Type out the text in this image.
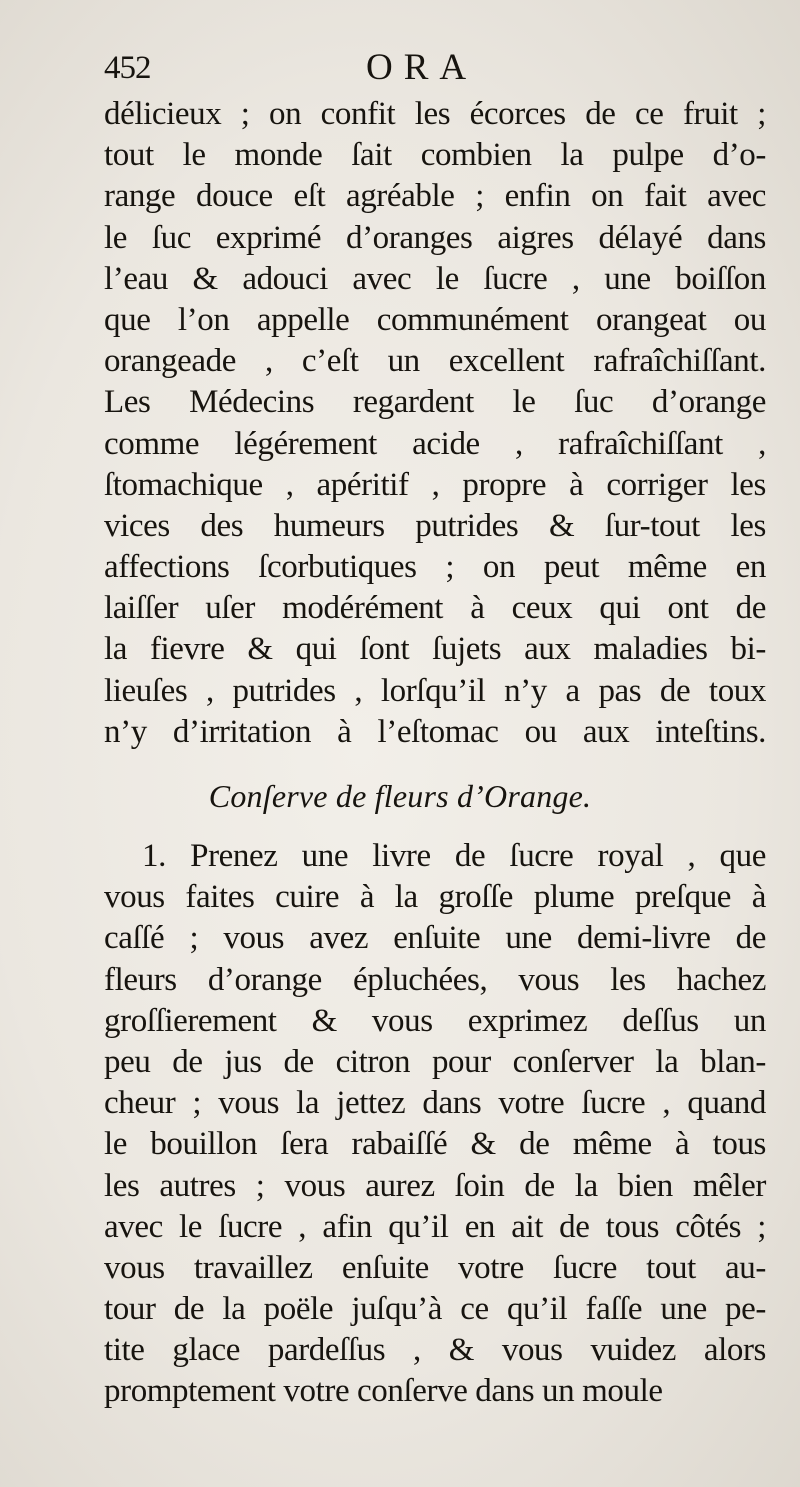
452	ORA
délicieux ; on confit les écorces de ce fruit ;
tout le monde ſait combien la pulpe d’o-
range douce eſt agréable ; enfin on fait avec
le ſuc exprimé d’oranges aigres délayé dans
l’eau & adouci avec le ſucre , une boiſſon
que l’on appelle communément orangeat ou
orangeade , c’eſt un excellent rafraîchiſſant.
Les Médecins regardent le ſuc d’orange
comme légérement acide , rafraîchiſſant ,
ſtomachique , apéritif , propre à corriger les
vices des humeurs putrides & ſur-tout les
affections ſcorbutiques ; on peut même en
laiſſer uſer modérément à ceux qui ont de
la fievre & qui ſont ſujets aux maladies bi-
lieuſes , putrides , lorſqu’il n’y a pas de toux
n’y d’irritation à l’eſtomac ou aux inteſtins.
Conſerve de fleurs d’Orange.
1. Prenez une livre de ſucre royal , que
vous faites cuire à la groſſe plume preſque à
caſſé ; vous avez enſuite une demi-livre de
fleurs d’orange épluchées, vous les hachez
groſſierement & vous exprimez deſſus un
peu de jus de citron pour conſerver la blan-
cheur ; vous la jettez dans votre ſucre , quand
le bouillon ſera rabaiſſé & de même à tous
les autres ; vous aurez ſoin de la bien mêler
avec le ſucre , afin qu’il en ait de tous côtés ;
vous travaillez enſuite votre ſucre tout au-
tour de la poële juſqu’à ce qu’il faſſe une pe-
tite glace pardeſſus , & vous vuidez alors
promptement votre conſerve dans un moule
